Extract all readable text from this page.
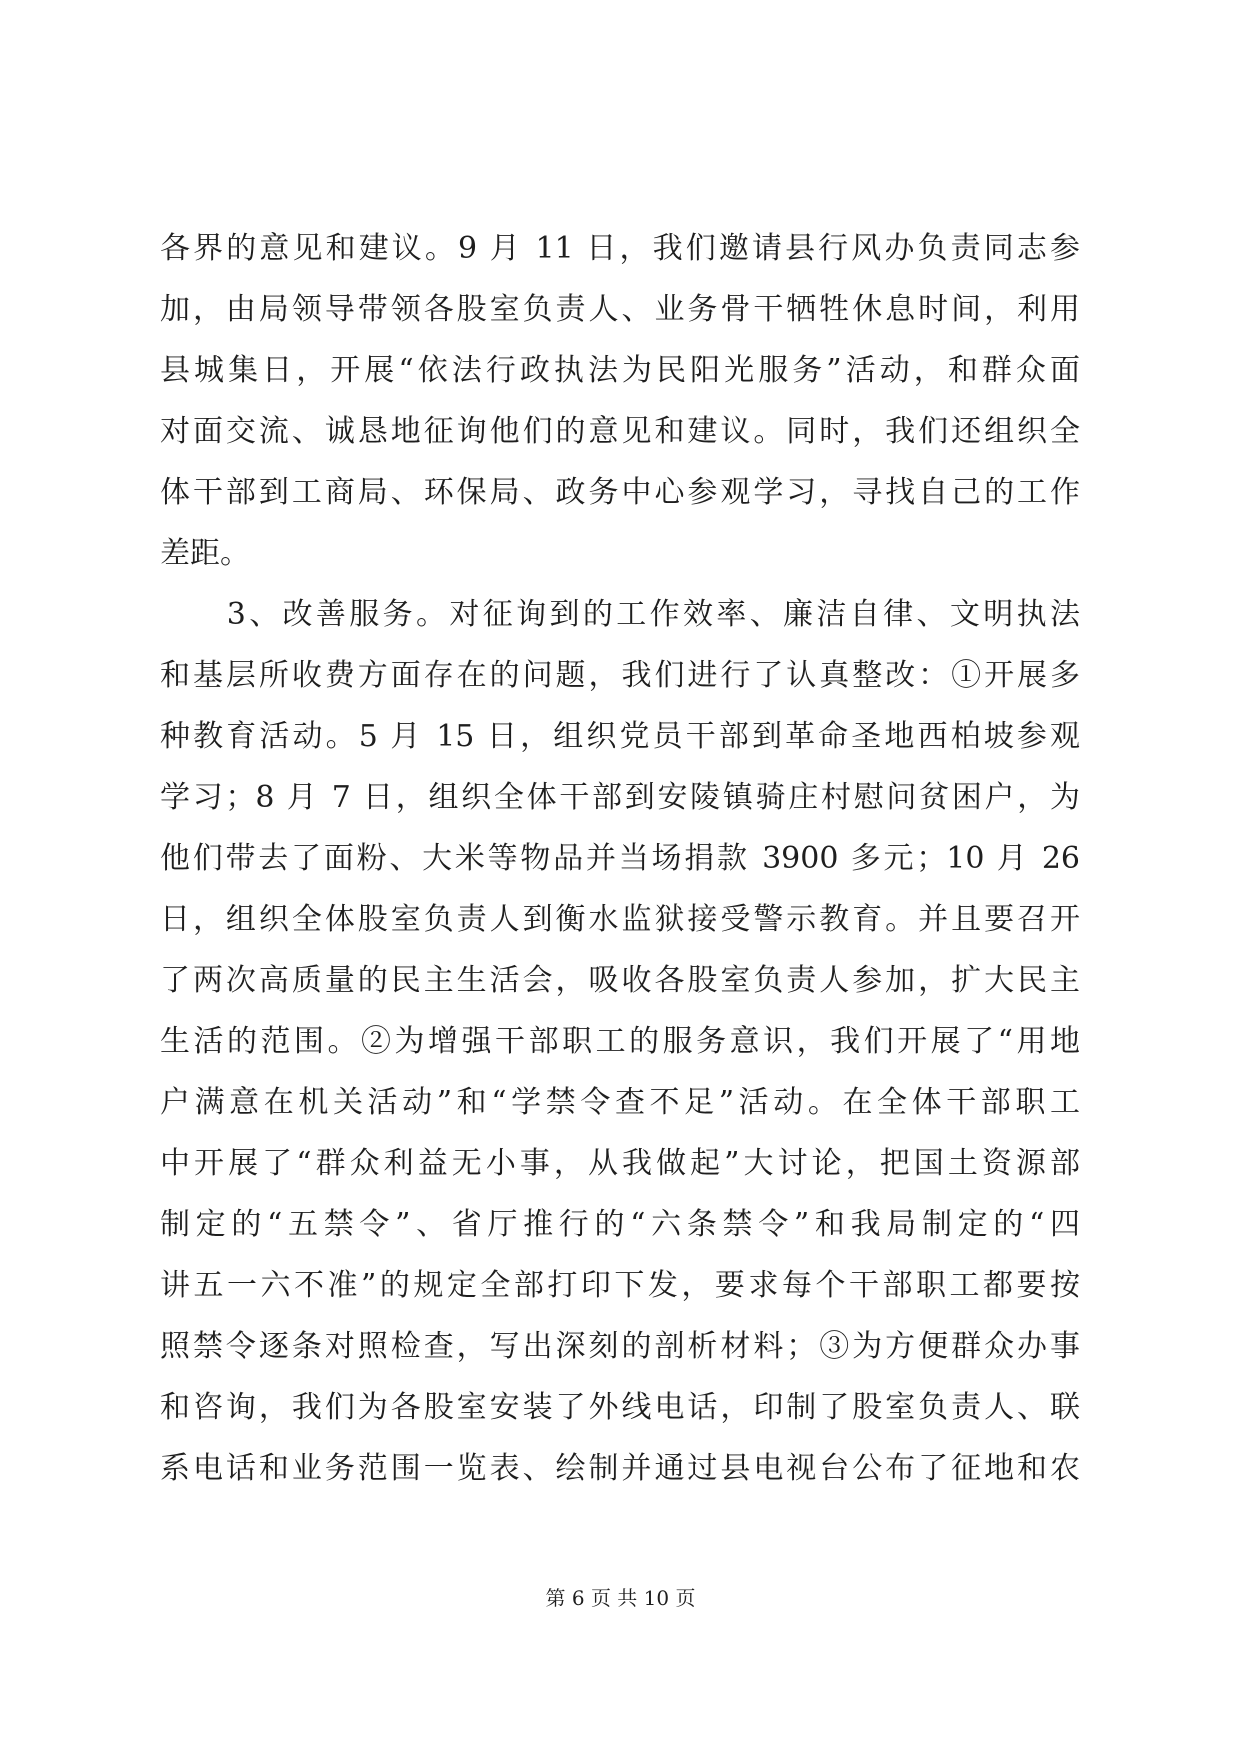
各界的意见和建议。9 月 11 日，我们邀请县行风办负责同志参
加，由局领导带领各股室负责人、业务骨干牺牲休息时间，利用
县城集日，开展“依法行政执法为民阳光服务”活动，和群众面
对面交流、诚恳地征询他们的意见和建议。同时，我们还组织全
体干部到工商局、环保局、政务中心参观学习，寻找自己的工作
差距。
　　3、改善服务。对征询到的工作效率、廉洁自律、文明执法
和基层所收费方面存在的问题，我们进行了认真整改：①开展多
种教育活动。5 月 15 日，组织党员干部到革命圣地西柏坡参观
学习；8 月 7 日，组织全体干部到安陵镇骑庄村慰问贫困户，为
他们带去了面粉、大米等物品并当场捐款 3900 多元；10 月 26
日，组织全体股室负责人到衡水监狱接受警示教育。并且要召开
了两次高质量的民主生活会，吸收各股室负责人参加，扩大民主
生活的范围。②为增强干部职工的服务意识，我们开展了“用地
户满意在机关活动”和“学禁令查不足”活动。在全体干部职工
中开展了“群众利益无小事，从我做起”大讨论，把国土资源部
制定的“五禁令”、省厅推行的“六条禁令”和我局制定的“四
讲五一六不准”的规定全部打印下发，要求每个干部职工都要按
照禁令逐条对照检查，写出深刻的剖析材料；③为方便群众办事
和咨询，我们为各股室安装了外线电话，印制了股室负责人、联
系电话和业务范围一览表、绘制并通过县电视台公布了征地和农
第 6 页 共 10 页
